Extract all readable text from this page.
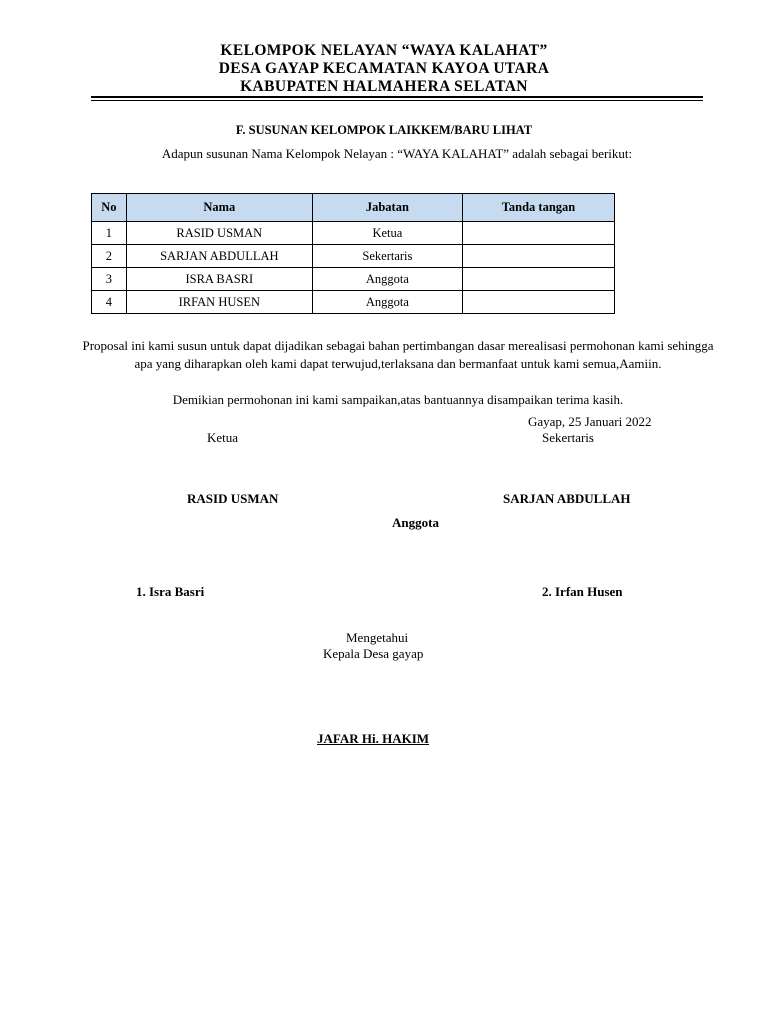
KELOMPOK NELAYAN “WAYA KALAHAT”
DESA GAYAP KECAMATAN KAYOA UTARA
KABUPATEN HALMAHERA SELATAN
F. SUSUNAN KELOMPOK LAIKKEM/BARU LIHAT
Adapun susunan Nama Kelompok Nelayan : “WAYA KALAHAT” adalah sebagai berikut:
No	Nama	Jabatan	Tanda tangan
1	RASID USMAN	Ketua	
2	SARJAN ABDULLAH	Sekertaris	
3	ISRA BASRI	Anggota	
4	IRFAN HUSEN	Anggota	
Proposal ini kami susun untuk dapat dijadikan sebagai bahan pertimbangan dasar merealisasi permohonan kami sehingga apa yang diharapkan oleh kami dapat terwujud,terlaksana dan bermanfaat untuk kami semua,Aamiin.
Demikian permohonan ini kami sampaikan,atas bantuannya disampaikan terima kasih.
Gayap, 25 Januari 2022
Ketua	Sekertaris
RASID USMAN	SARJAN ABDULLAH
Anggota
1. Isra Basri	2. Irfan Husen
Mengetahui
Kepala Desa gayap
JAFAR Hi. HAKIM
